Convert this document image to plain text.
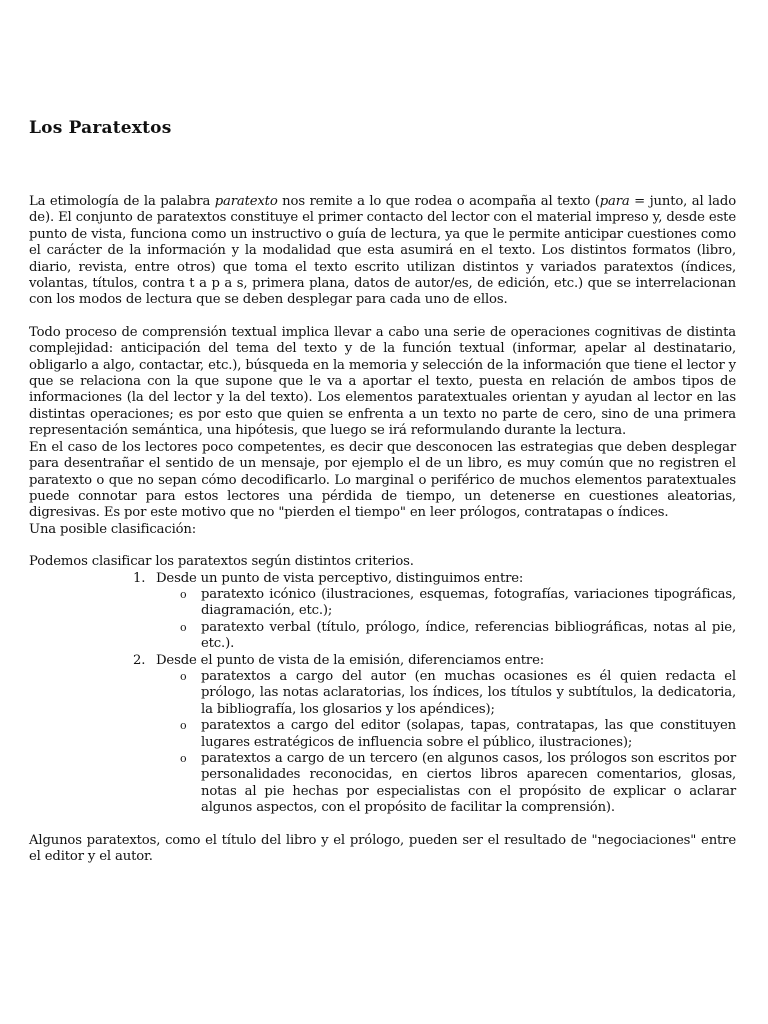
Los Paratextos

La etimología de la palabra paratexto nos remite a lo que rodea o acompaña al texto (para = junto, al lado de). El conjunto de paratextos constituye el primer contacto del lector con el material impreso y, desde este punto de vista, funciona como un instructivo o guía de lectura, ya que le permite anticipar cuestiones como el carácter de la información y la modalidad que esta asumirá en el texto. Los distintos formatos (libro, diario, revista, entre otros) que toma el texto escrito utilizan distintos y variados paratextos (índices, volantas, títulos, contra t a p a s, primera plana, datos de autor/es, de edición, etc.) que se interrelacionan con los modos de lectura que se deben desplegar para cada uno de ellos.

Todo proceso de comprensión textual implica llevar a cabo una serie de operaciones cognitivas de distinta complejidad: anticipación del tema del texto y de la función textual (informar, apelar al destinatario, obligarlo a algo, contactar, etc.), búsqueda en la memoria y selección de la información que tiene el lector y que se relaciona con la que supone que le va a aportar el texto, puesta en relación de ambos tipos de informaciones (la del lector y la del texto). Los elementos paratextuales orientan y ayudan al lector en las distintas operaciones; es por esto que quien se enfrenta a un texto no parte de cero, sino de una primera representación semántica, una hipótesis, que luego se irá reformulando durante la lectura.

En el caso de los lectores poco competentes, es decir que desconocen las estrategias que deben desplegar para desentrañar el sentido de un mensaje, por ejemplo el de un libro, es muy común que no registren el paratexto o que no sepan cómo decodificarlo. Lo marginal o periférico de muchos elementos paratextuales puede connotar para estos lectores una pérdida de tiempo, un detenerse en cuestiones aleatorias, digresivas. Es por este motivo que no "pierden el tiempo" en leer prólogos, contratapas o índices.

Una posible clasificación:

Podemos clasificar los paratextos según distintos criterios.

1. Desde un punto de vista perceptivo, distinguimos entre:
o paratexto icónico (ilustraciones, esquemas, fotografías, variaciones tipográficas, diagramación, etc.);
o paratexto verbal (título, prólogo, índice, referencias bibliográficas, notas al pie, etc.).
2. Desde el punto de vista de la emisión, diferenciamos entre:
o paratextos a cargo del autor (en muchas ocasiones es él quien redacta el prólogo, las notas aclaratorias, los índices, los títulos y subtítulos, la dedicatoria, la bibliografía, los glosarios y los apéndices);
o paratextos a cargo del editor (solapas, tapas, contratapas, las que constituyen lugares estratégicos de influencia sobre el público, ilustraciones);
o paratextos a cargo de un tercero (en algunos casos, los prólogos son escritos por personalidades reconocidas, en ciertos libros aparecen comentarios, glosas, notas al pie hechas por especialistas con el propósito de explicar o aclarar algunos aspectos, con el propósito de facilitar la comprensión).

Algunos paratextos, como el título del libro y el prólogo, pueden ser el resultado de "negociaciones" entre el editor y el autor.
